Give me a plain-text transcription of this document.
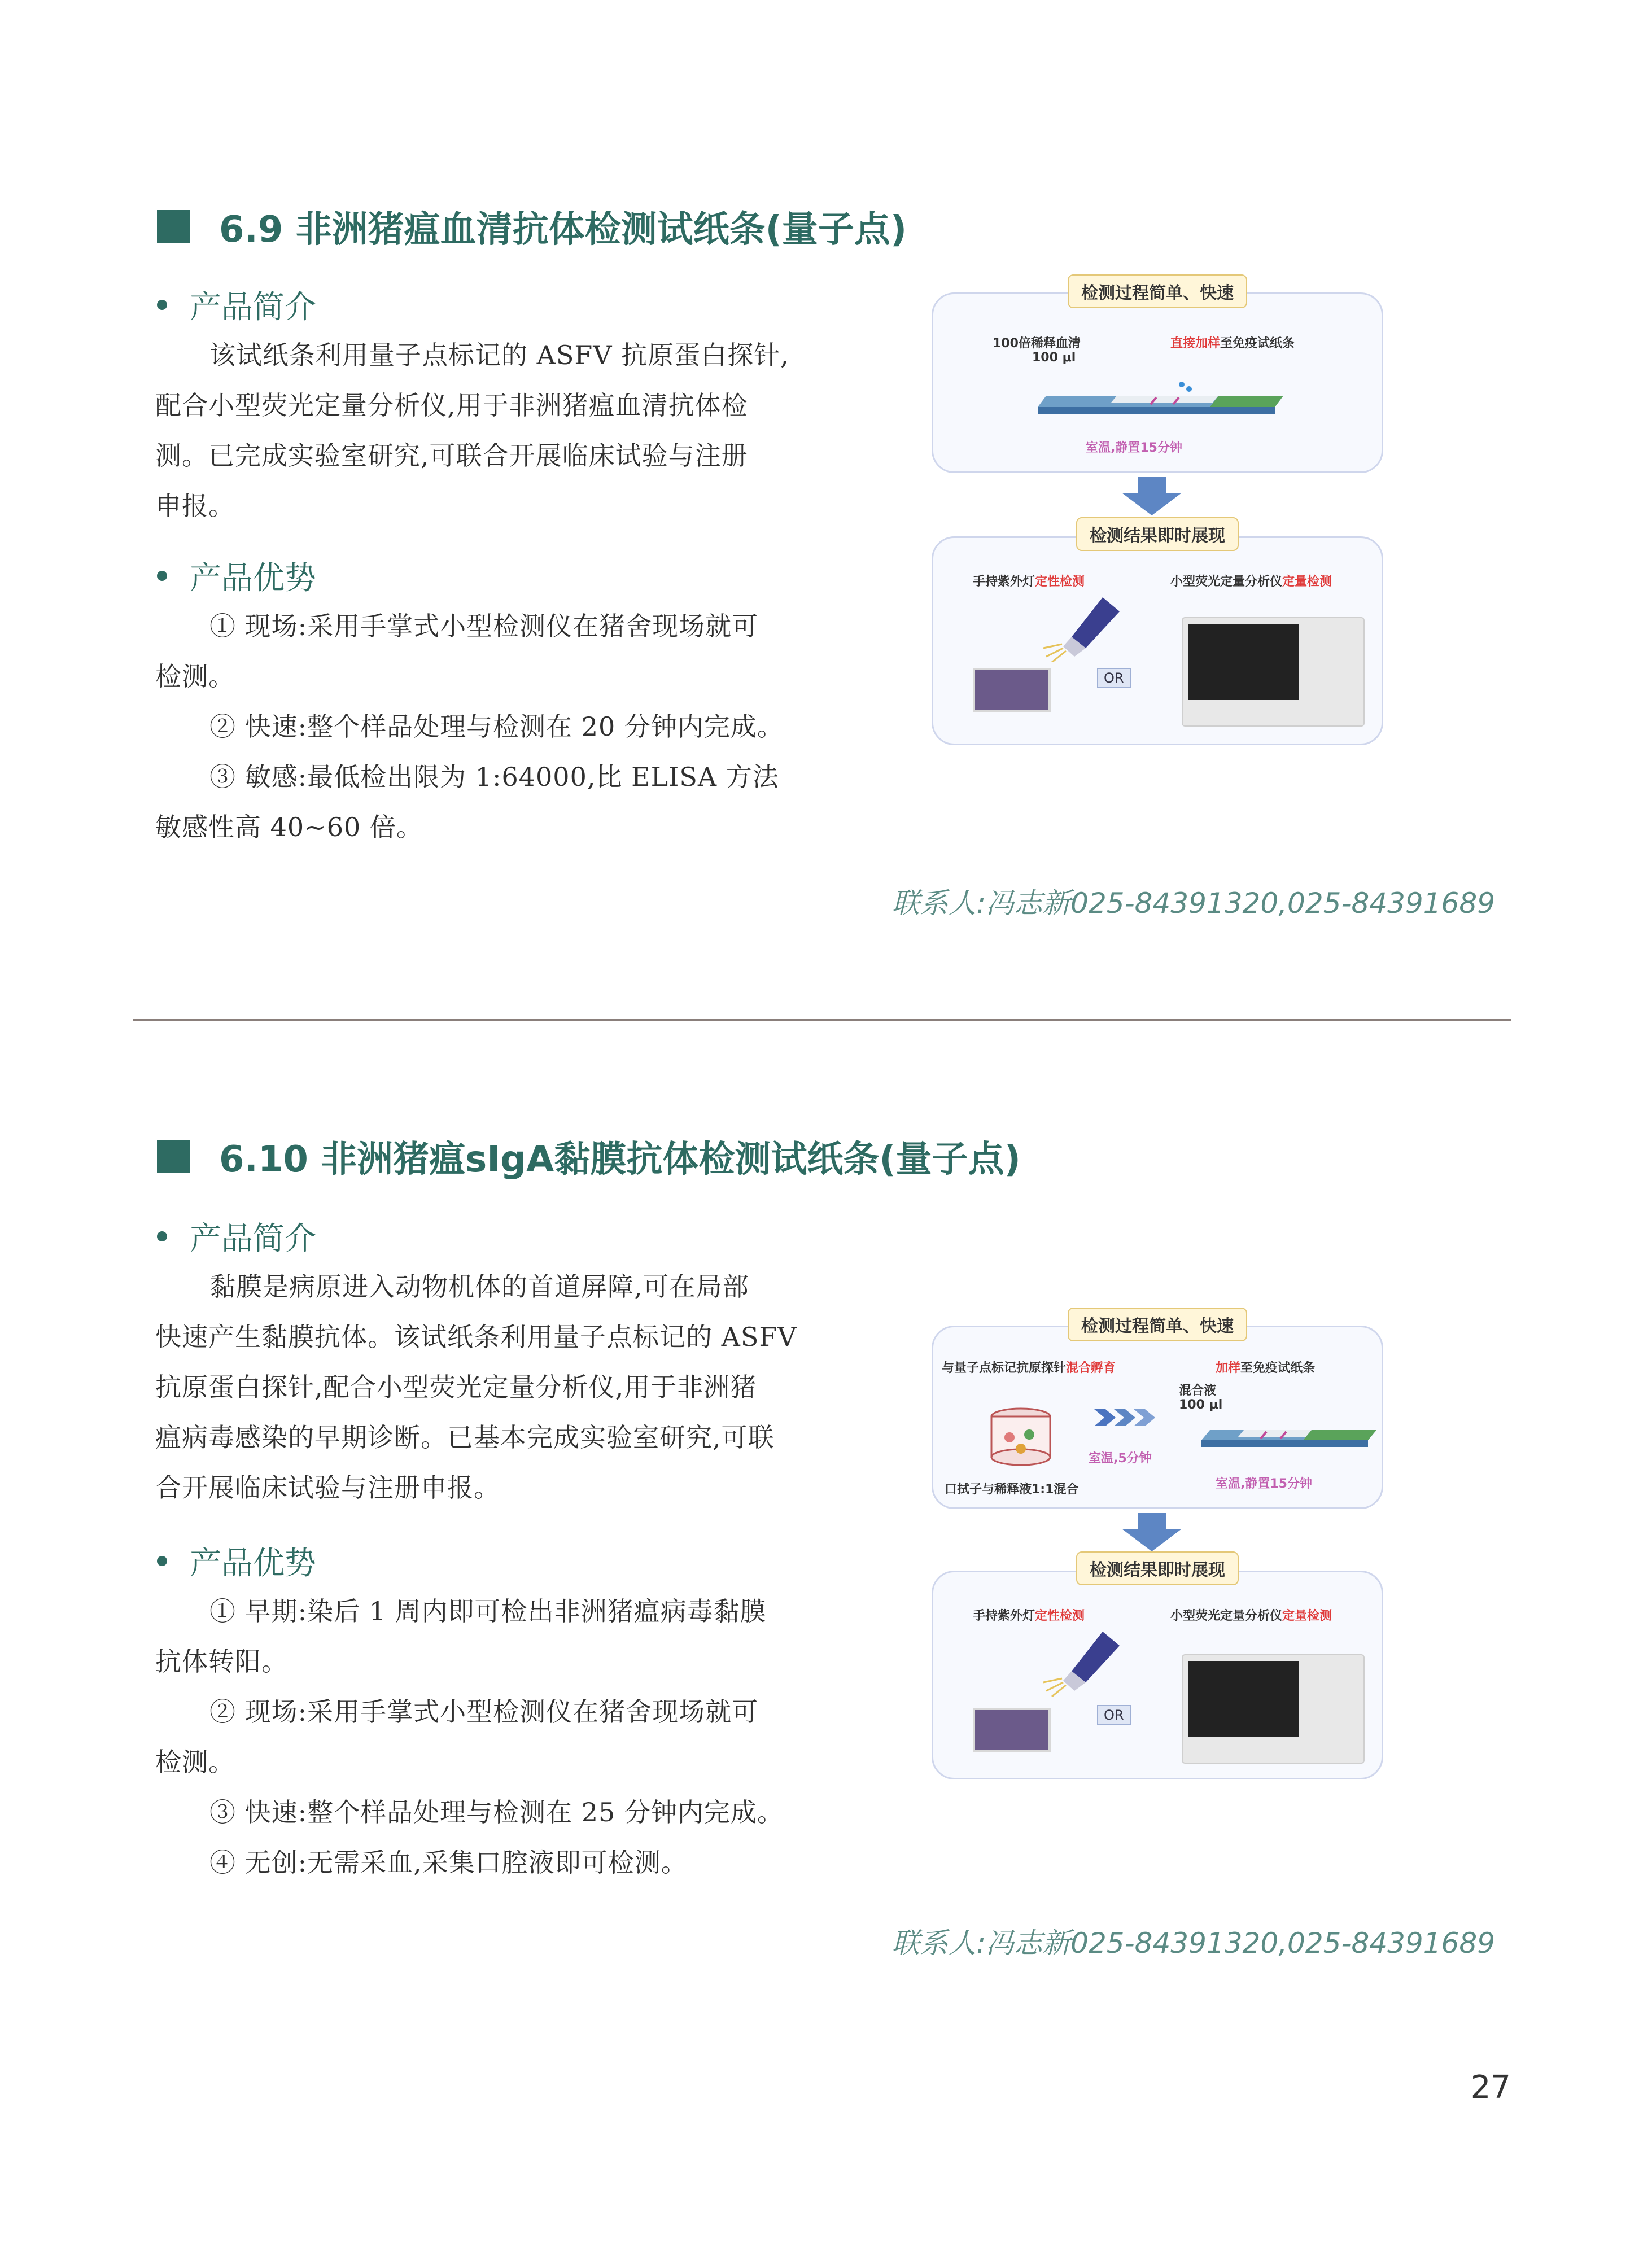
6.9 非洲猪瘟血清抗体检测试纸条(量子点)
产品简介

该试纸条利用量子点标记的 ASFV 抗原蛋白探针,
配合小型荧光定量分析仪,用于非洲猪瘟血清抗体检
测。已完成实验室研究,可联合开展临床试验与注册
申报。

产品优势

① 现场:采用手掌式小型检测仪在猪舍现场就可
检测。
② 快速:整个样品处理与检测在 20 分钟内完成。
③ 敏感:最低检出限为 1:64000,比 ELISA 方法
敏感性高 40~60 倍。

联系人:冯志新025-84391320,025-84391689
100倍稀释血清
100 μl
直接加样至免疫试纸条
室温,静置15分钟
检测过程简单、快速
手持紫外灯定性检测	小型荧光定量分析仪定量检测
OR
检测结果即时展现
6.10 非洲猪瘟sIgA黏膜抗体检测试纸条(量子点)
产品简介

黏膜是病原进入动物机体的首道屏障,可在局部
快速产生黏膜抗体。该试纸条利用量子点标记的 ASFV
抗原蛋白探针,配合小型荧光定量分析仪,用于非洲猪
瘟病毒感染的早期诊断。已基本完成实验室研究,可联
合开展临床试验与注册申报。

产品优势

① 早期:染后 1 周内即可检出非洲猪瘟病毒黏膜
抗体转阳。
② 现场:采用手掌式小型检测仪在猪舍现场就可
检测。
③ 快速:整个样品处理与检测在 25 分钟内完成。
④ 无创:无需采血,采集口腔液即可检测。

联系人:冯志新025-84391320,025-84391689
与量子点标记抗原探针混合孵育	加样至免疫试纸条
混合液
100 μl
室温,5分钟
口拭子与稀释液1:1混合	室温,静置15分钟
检测过程简单、快速
手持紫外灯定性检测	小型荧光定量分析仪定量检测
OR
检测结果即时展现
27
